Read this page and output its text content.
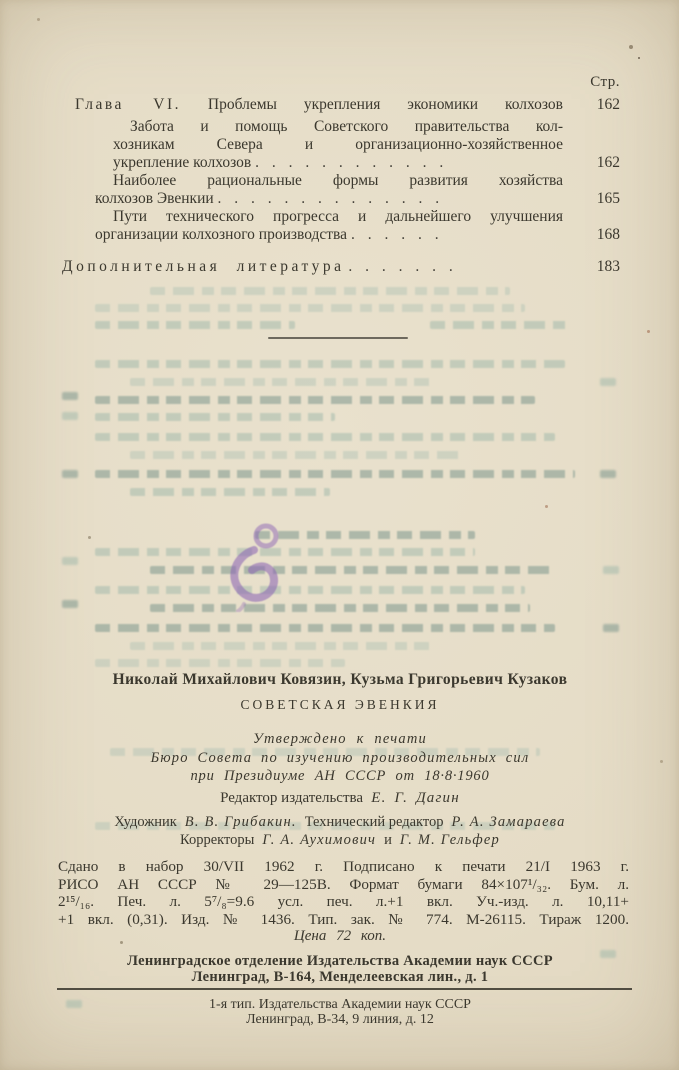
Стр.
Глава VI. Проблемы укрепления экономики колхозов	162
Забота и помощь Советского правительства кол-
хозникам Севера и организационно-хозяйственное
укрепление колхозов . . . . . . . . . . . .	162
Наиболее рациональные формы развития хозяйства
колхозов Эвенкии . . . . . . . . . . . . . .	165
Пути технического прогресса и дальнейшего улучшения
организации колхозного производства . . . . . .	168
Дополнительная литература . . . . . . .	183
Николай Михайлович Ковязин, Кузьма Григорьевич Кузаков
СОВЕТСКАЯ ЭВЕНКИЯ
Утверждено к печати
Бюро Совета по изучению производительных сил
при Президиуме АН СССР от 18·8·1960
Редактор издательства Е. Г. Дагин
Художник В. В. Грибакин. Технический редактор Р. А. Замараева
Корректоры Г. А. Аухимович и Г. М. Гельфер
Сдано в набор 30/VII 1962 г. Подписано к печати 21/I 1963 г.
РИСО АН СССР № 29—125В. Формат бумаги 84×107¹/₃₂. Бум. л.
2¹⁵/₁₆. Печ. л. 5⁷/₈=9.6 усл. печ. л.+1 вкл. Уч.-изд. л. 10,11+
+1 вкл. (0,31). Изд. № 1436. Тип. зак. № 774. М-26115. Тираж 1200.
Цена 72 коп.
Ленинградское отделение Издательства Академии наук СССР
Ленинград, В-164, Менделеевская лин., д. 1
1-я тип. Издательства Академии наук СССР
Ленинград, В-34, 9 линия, д. 12
